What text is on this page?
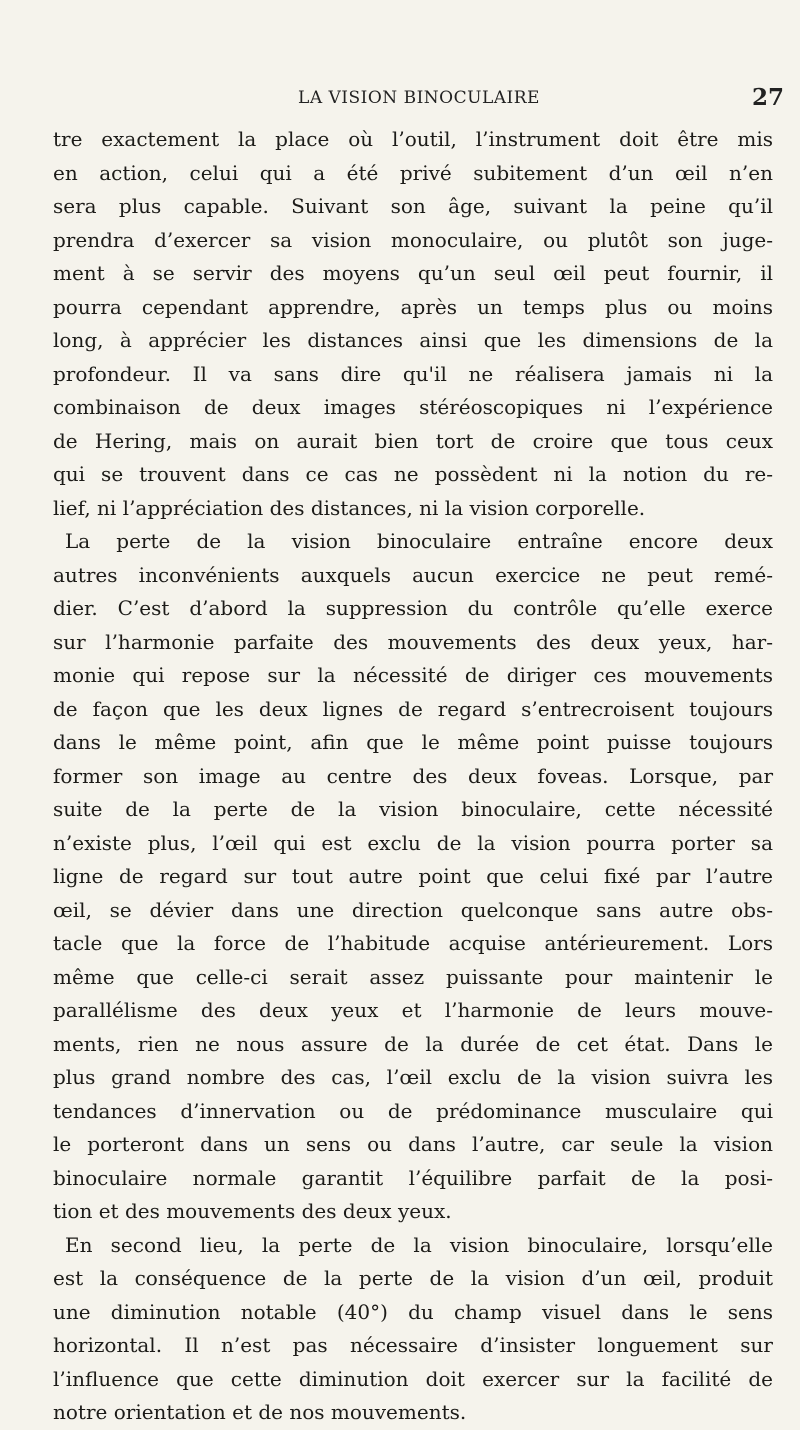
LA VISION BINOCULAIRE	27
tre exactement la place où l’outil, l’instrument doit être mis
en action, celui qui a été privé subitement d’un œil n’en
sera plus capable. Suivant son âge, suivant la peine qu’il
prendra d’exercer sa vision monoculaire, ou plutôt son juge-
ment à se servir des moyens qu’un seul œil peut fournir, il
pourra cependant apprendre, après un temps plus ou moins
long, à apprécier les distances ainsi que les dimensions de la
profondeur. Il va sans dire qu'il ne réalisera jamais ni la
combinaison de deux images stéréoscopiques ni l’expérience
de Hering, mais on aurait bien tort de croire que tous ceux
qui se trouvent dans ce cas ne possèdent ni la notion du re-
lief, ni l’appréciation des distances, ni la vision corporelle.
La perte de la vision binoculaire entraîne encore deux
autres inconvénients auxquels aucun exercice ne peut remé-
dier. C’est d’abord la suppression du contrôle qu’elle exerce
sur l’harmonie parfaite des mouvements des deux yeux, har-
monie qui repose sur la nécessité de diriger ces mouvements
de façon que les deux lignes de regard s’entrecroisent toujours
dans le même point, afin que le même point puisse toujours
former son image au centre des deux foveas. Lorsque, par
suite de la perte de la vision binoculaire, cette nécessité
n’existe plus, l’œil qui est exclu de la vision pourra porter sa
ligne de regard sur tout autre point que celui fixé par l’autre
œil, se dévier dans une direction quelconque sans autre obs-
tacle que la force de l’habitude acquise antérieurement. Lors
même que celle-ci serait assez puissante pour maintenir le
parallélisme des deux yeux et l’harmonie de leurs mouve-
ments, rien ne nous assure de la durée de cet état. Dans le
plus grand nombre des cas, l’œil exclu de la vision suivra les
tendances d’innervation ou de prédominance musculaire qui
le porteront dans un sens ou dans l’autre, car seule la vision
binoculaire normale garantit l’équilibre parfait de la posi-
tion et des mouvements des deux yeux.
En second lieu, la perte de la vision binoculaire, lorsqu’elle
est la conséquence de la perte de la vision d’un œil, produit
une diminution notable (40°) du champ visuel dans le sens
horizontal. Il n’est pas nécessaire d’insister longuement sur
l’influence que cette diminution doit exercer sur la facilité de
notre orientation et de nos mouvements.
